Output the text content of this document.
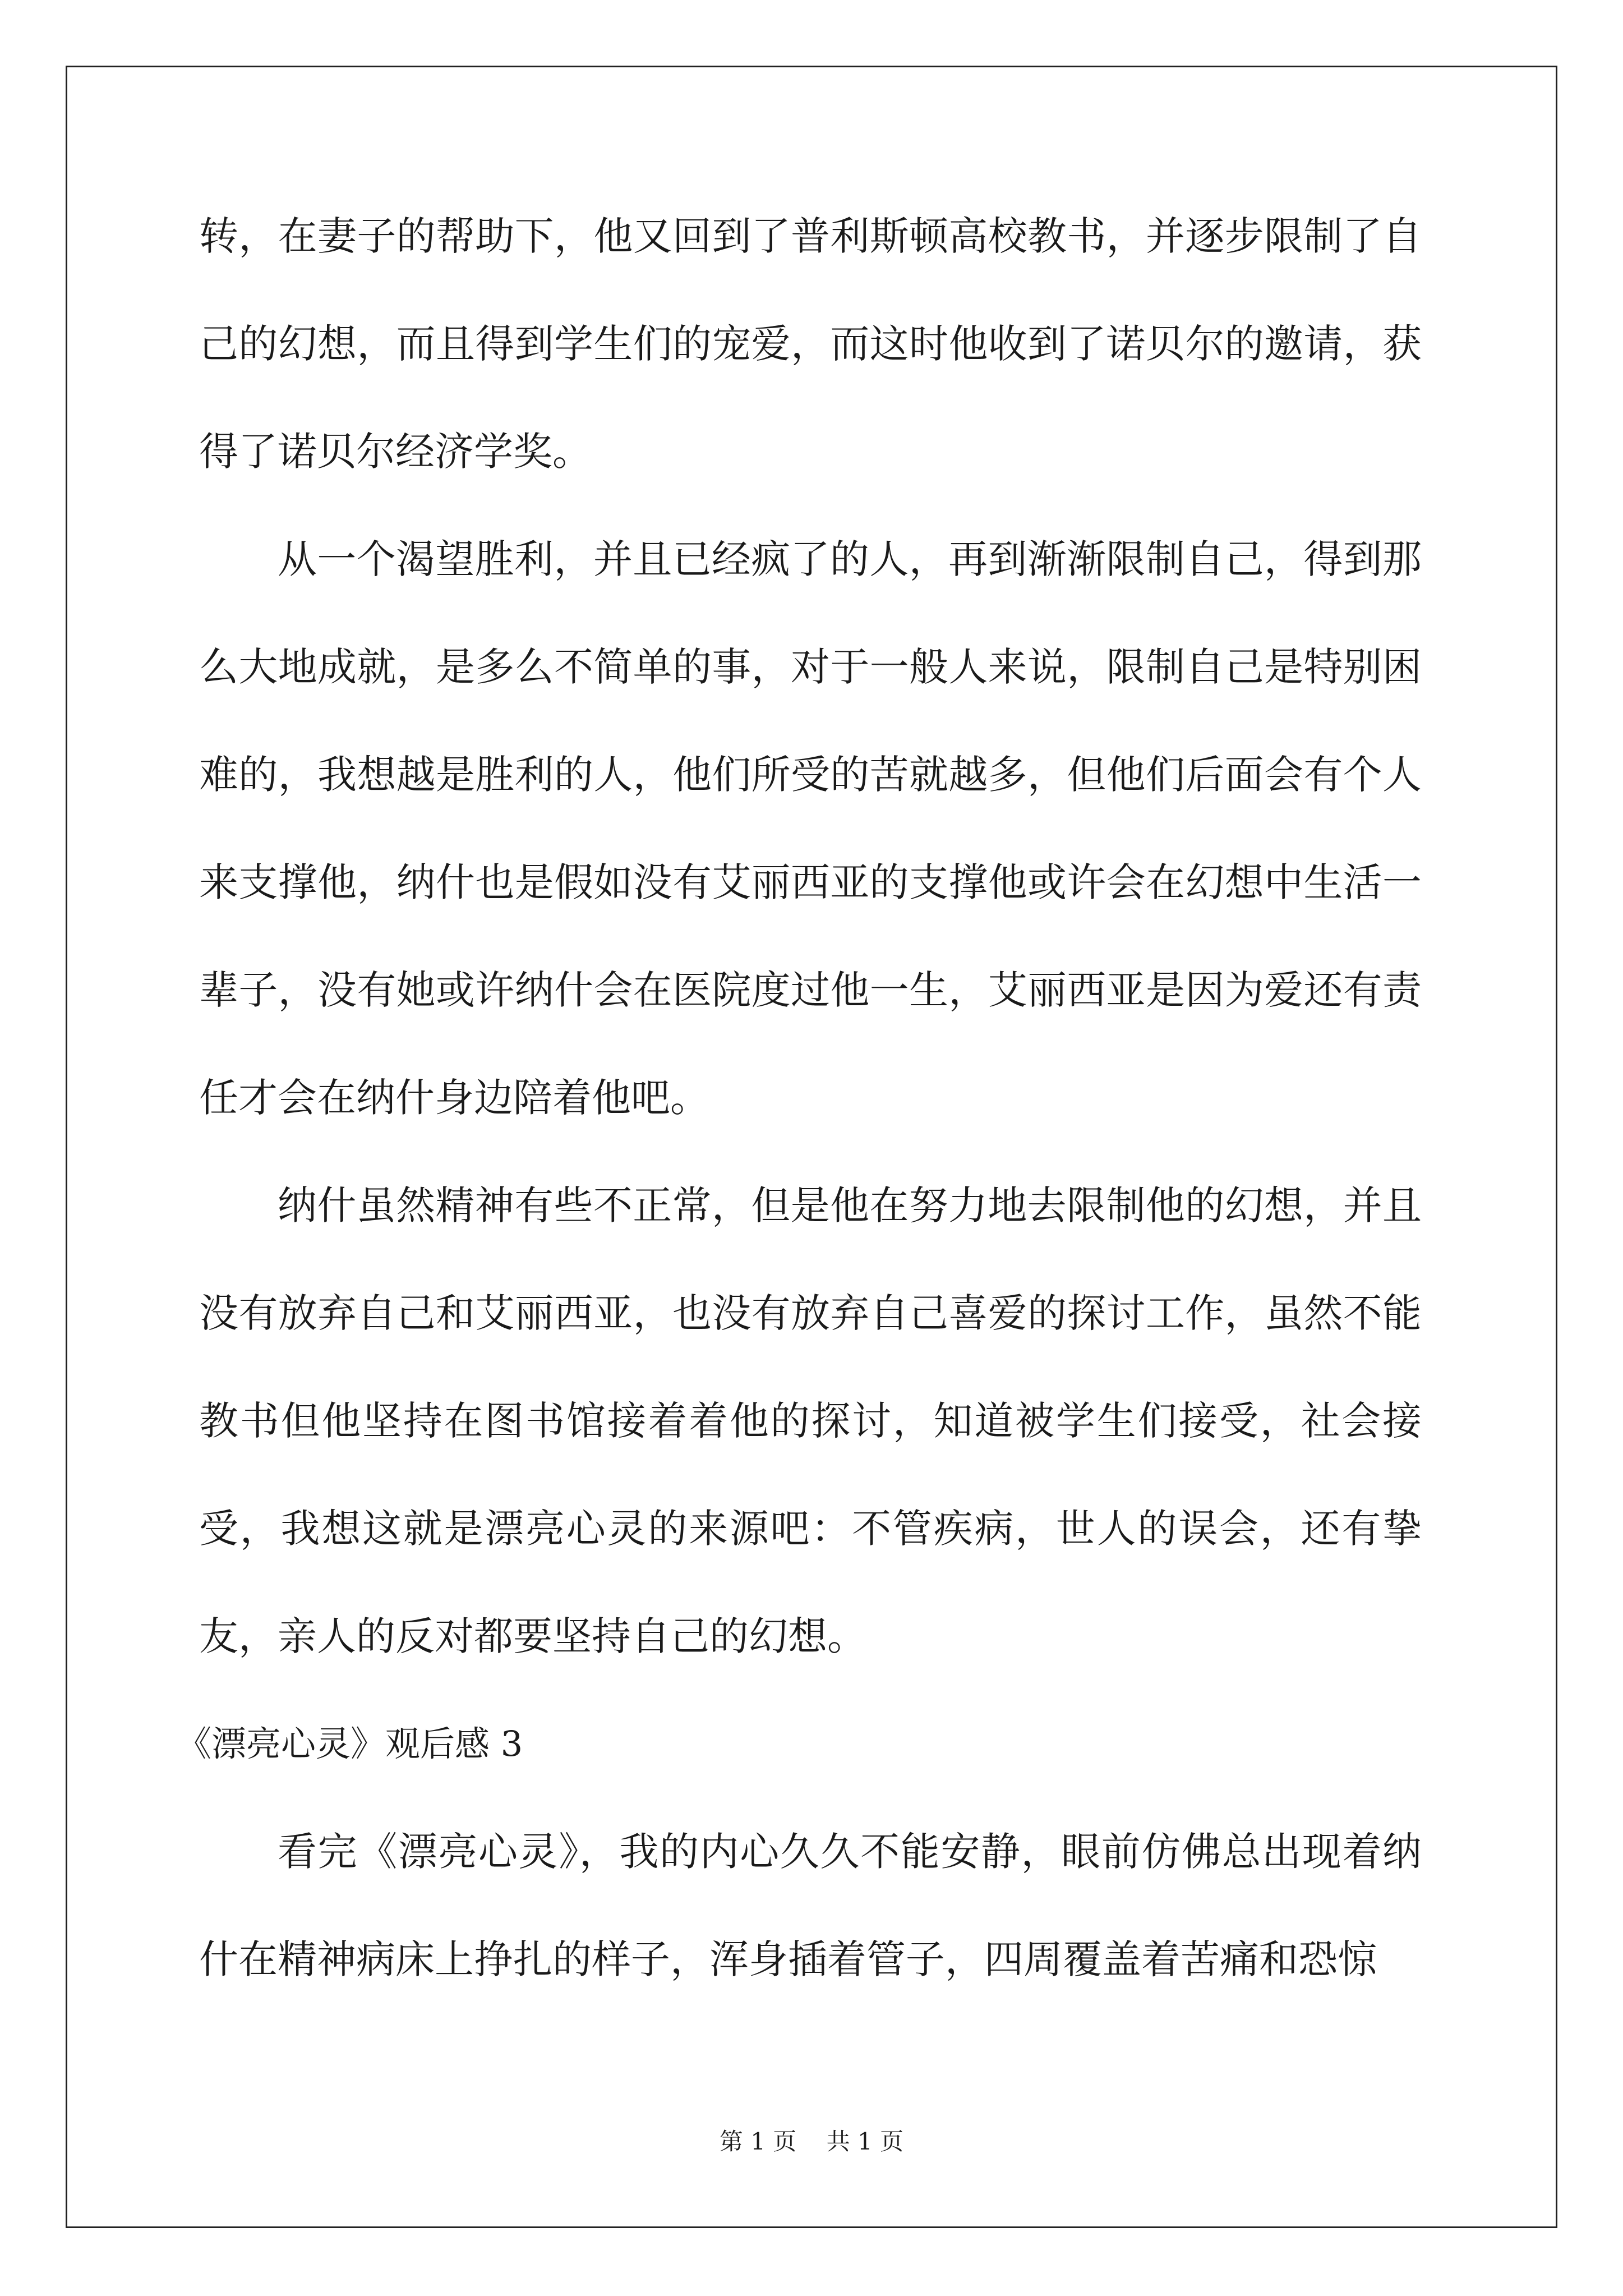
转，在妻子的帮助下，他又回到了普利斯顿高校教书，并逐步限制了自己的幻想，而且得到学生们的宠爱，而这时他收到了诺贝尔的邀请，获得了诺贝尔经济学奖。

从一个渴望胜利，并且已经疯了的人，再到渐渐限制自己，得到那么大地成就，是多么不简单的事，对于一般人来说，限制自己是特别困难的，我想越是胜利的人，他们所受的苦就越多，但他们后面会有个人来支撑他，纳什也是假如没有艾丽西亚的支撑他或许会在幻想中生活一辈子，没有她或许纳什会在医院度过他一生，艾丽西亚是因为爱还有责任才会在纳什身边陪着他吧。

纳什虽然精神有些不正常，但是他在努力地去限制他的幻想，并且没有放弃自己和艾丽西亚，也没有放弃自己喜爱的探讨工作，虽然不能教书但他坚持在图书馆接着着他的探讨，知道被学生们接受，社会接受，我想这就是漂亮心灵的来源吧：不管疾病，世人的误会，还有挚友，亲人的反对都要坚持自己的幻想。

《漂亮心灵》观后感 3

看完《漂亮心灵》，我的内心久久不能安静，眼前仿佛总出现着纳什在精神病床上挣扎的样子，浑身插着管子，四周覆盖着苦痛和恐惊

第 1 页    共 1 页
